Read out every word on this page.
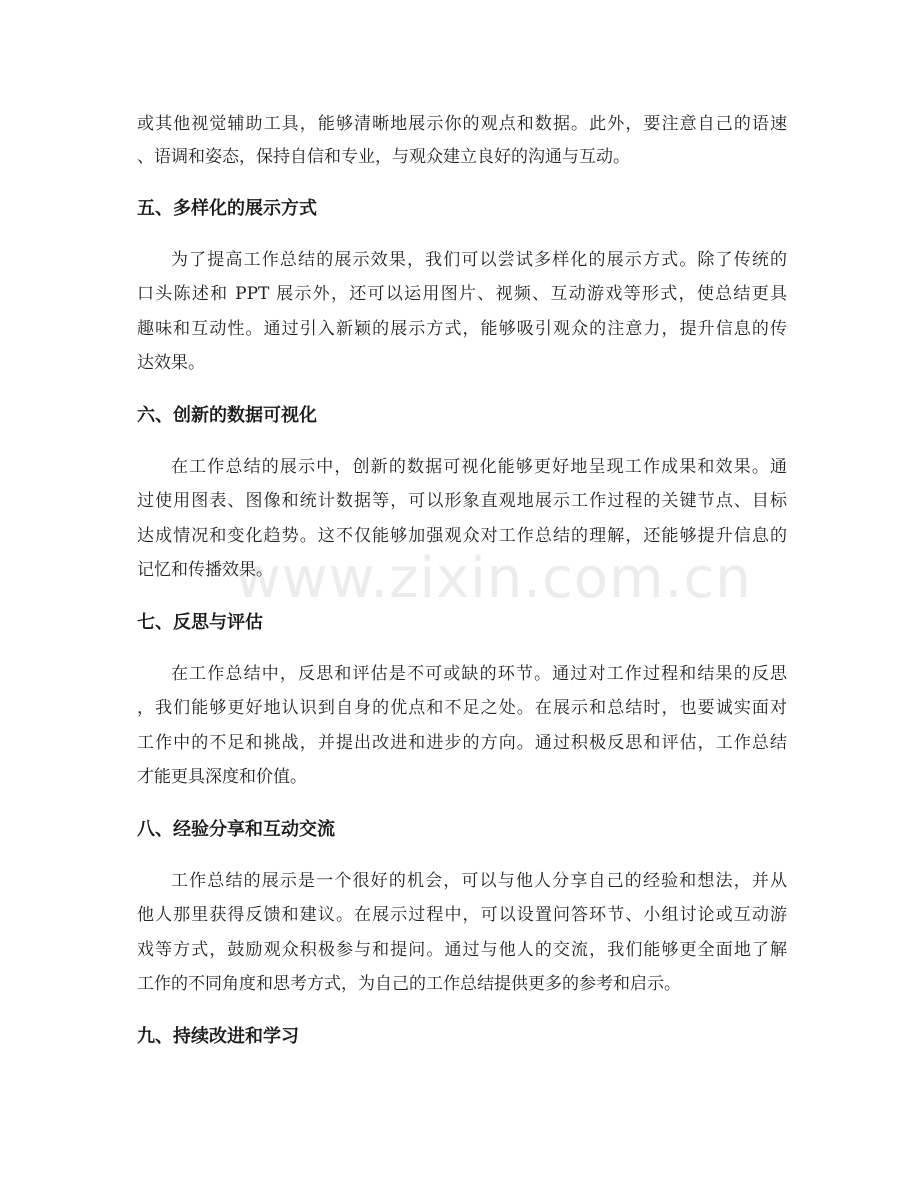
www.zixin.com.cn
或其他视觉辅助工具，能够清晰地展示你的观点和数据。此外，要注意自己的语速
、语调和姿态，保持自信和专业，与观众建立良好的沟通与互动。
五、多样化的展示方式
为了提高工作总结的展示效果，我们可以尝试多样化的展示方式。除了传统的
口头陈述和 PPT 展示外，还可以运用图片、视频、互动游戏等形式，使总结更具
趣味和互动性。通过引入新颖的展示方式，能够吸引观众的注意力，提升信息的传
达效果。
六、创新的数据可视化
在工作总结的展示中，创新的数据可视化能够更好地呈现工作成果和效果。通
过使用图表、图像和统计数据等，可以形象直观地展示工作过程的关键节点、目标
达成情况和变化趋势。这不仅能够加强观众对工作总结的理解，还能够提升信息的
记忆和传播效果。
七、反思与评估
在工作总结中，反思和评估是不可或缺的环节。通过对工作过程和结果的反思
，我们能够更好地认识到自身的优点和不足之处。在展示和总结时，也要诚实面对
工作中的不足和挑战，并提出改进和进步的方向。通过积极反思和评估，工作总结
才能更具深度和价值。
八、经验分享和互动交流
工作总结的展示是一个很好的机会，可以与他人分享自己的经验和想法，并从
他人那里获得反馈和建议。在展示过程中，可以设置问答环节、小组讨论或互动游
戏等方式，鼓励观众积极参与和提问。通过与他人的交流，我们能够更全面地了解
工作的不同角度和思考方式，为自己的工作总结提供更多的参考和启示。
九、持续改进和学习
